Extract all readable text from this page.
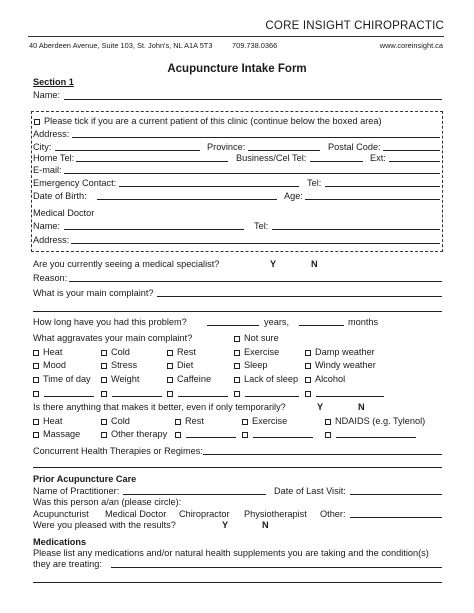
CORE INSIGHT CHIROPRACTIC
40 Aberdeen Avenue, Suite 103, St. John's, NL A1A 5T3	709.738.0366	www.coreinsight.ca
Acupuncture Intake Form
Section 1
Name:
Please tick if you are a current patient of this clinic (continue below the boxed area)
Address:
City:	Province:	Postal Code:
Home Tel:	Business/Cel Tel:	Ext:
E-mail:
Emergency Contact:	Tel:
Date of Birth:	Age:
Medical Doctor
Name:	Tel:
Address:
Are you currently seeing a medical specialist?	Y	N
Reason:
What is your main complaint?
How long have you had this problem?	years,	months
What aggravates your main complaint?	Not sure
Heat	Cold	Rest	Exercise	Damp weather
Mood	Stress	Diet	Sleep	Windy weather
Time of day	Weight	Caffeine	Lack of sleep	Alcohol
Is there anything that makes it better, even if only temporarily?	Y	N
Heat	Cold	Rest	Exercise	NDAIDS (e.g. Tylenol)
Massage	Other therapy
Concurrent Health Therapies or Regimes:
Prior Acupuncture Care
Name of Practitioner:	Date of Last Visit:
Was this person a/an (please circle):
Acupuncturist Medical Doctor Chiropractor Physiotherapist Other:
Were you pleased with the results?	Y	N
Medications
Please list any medications and/or natural health supplements you are taking and the condition(s)
they are treating:
